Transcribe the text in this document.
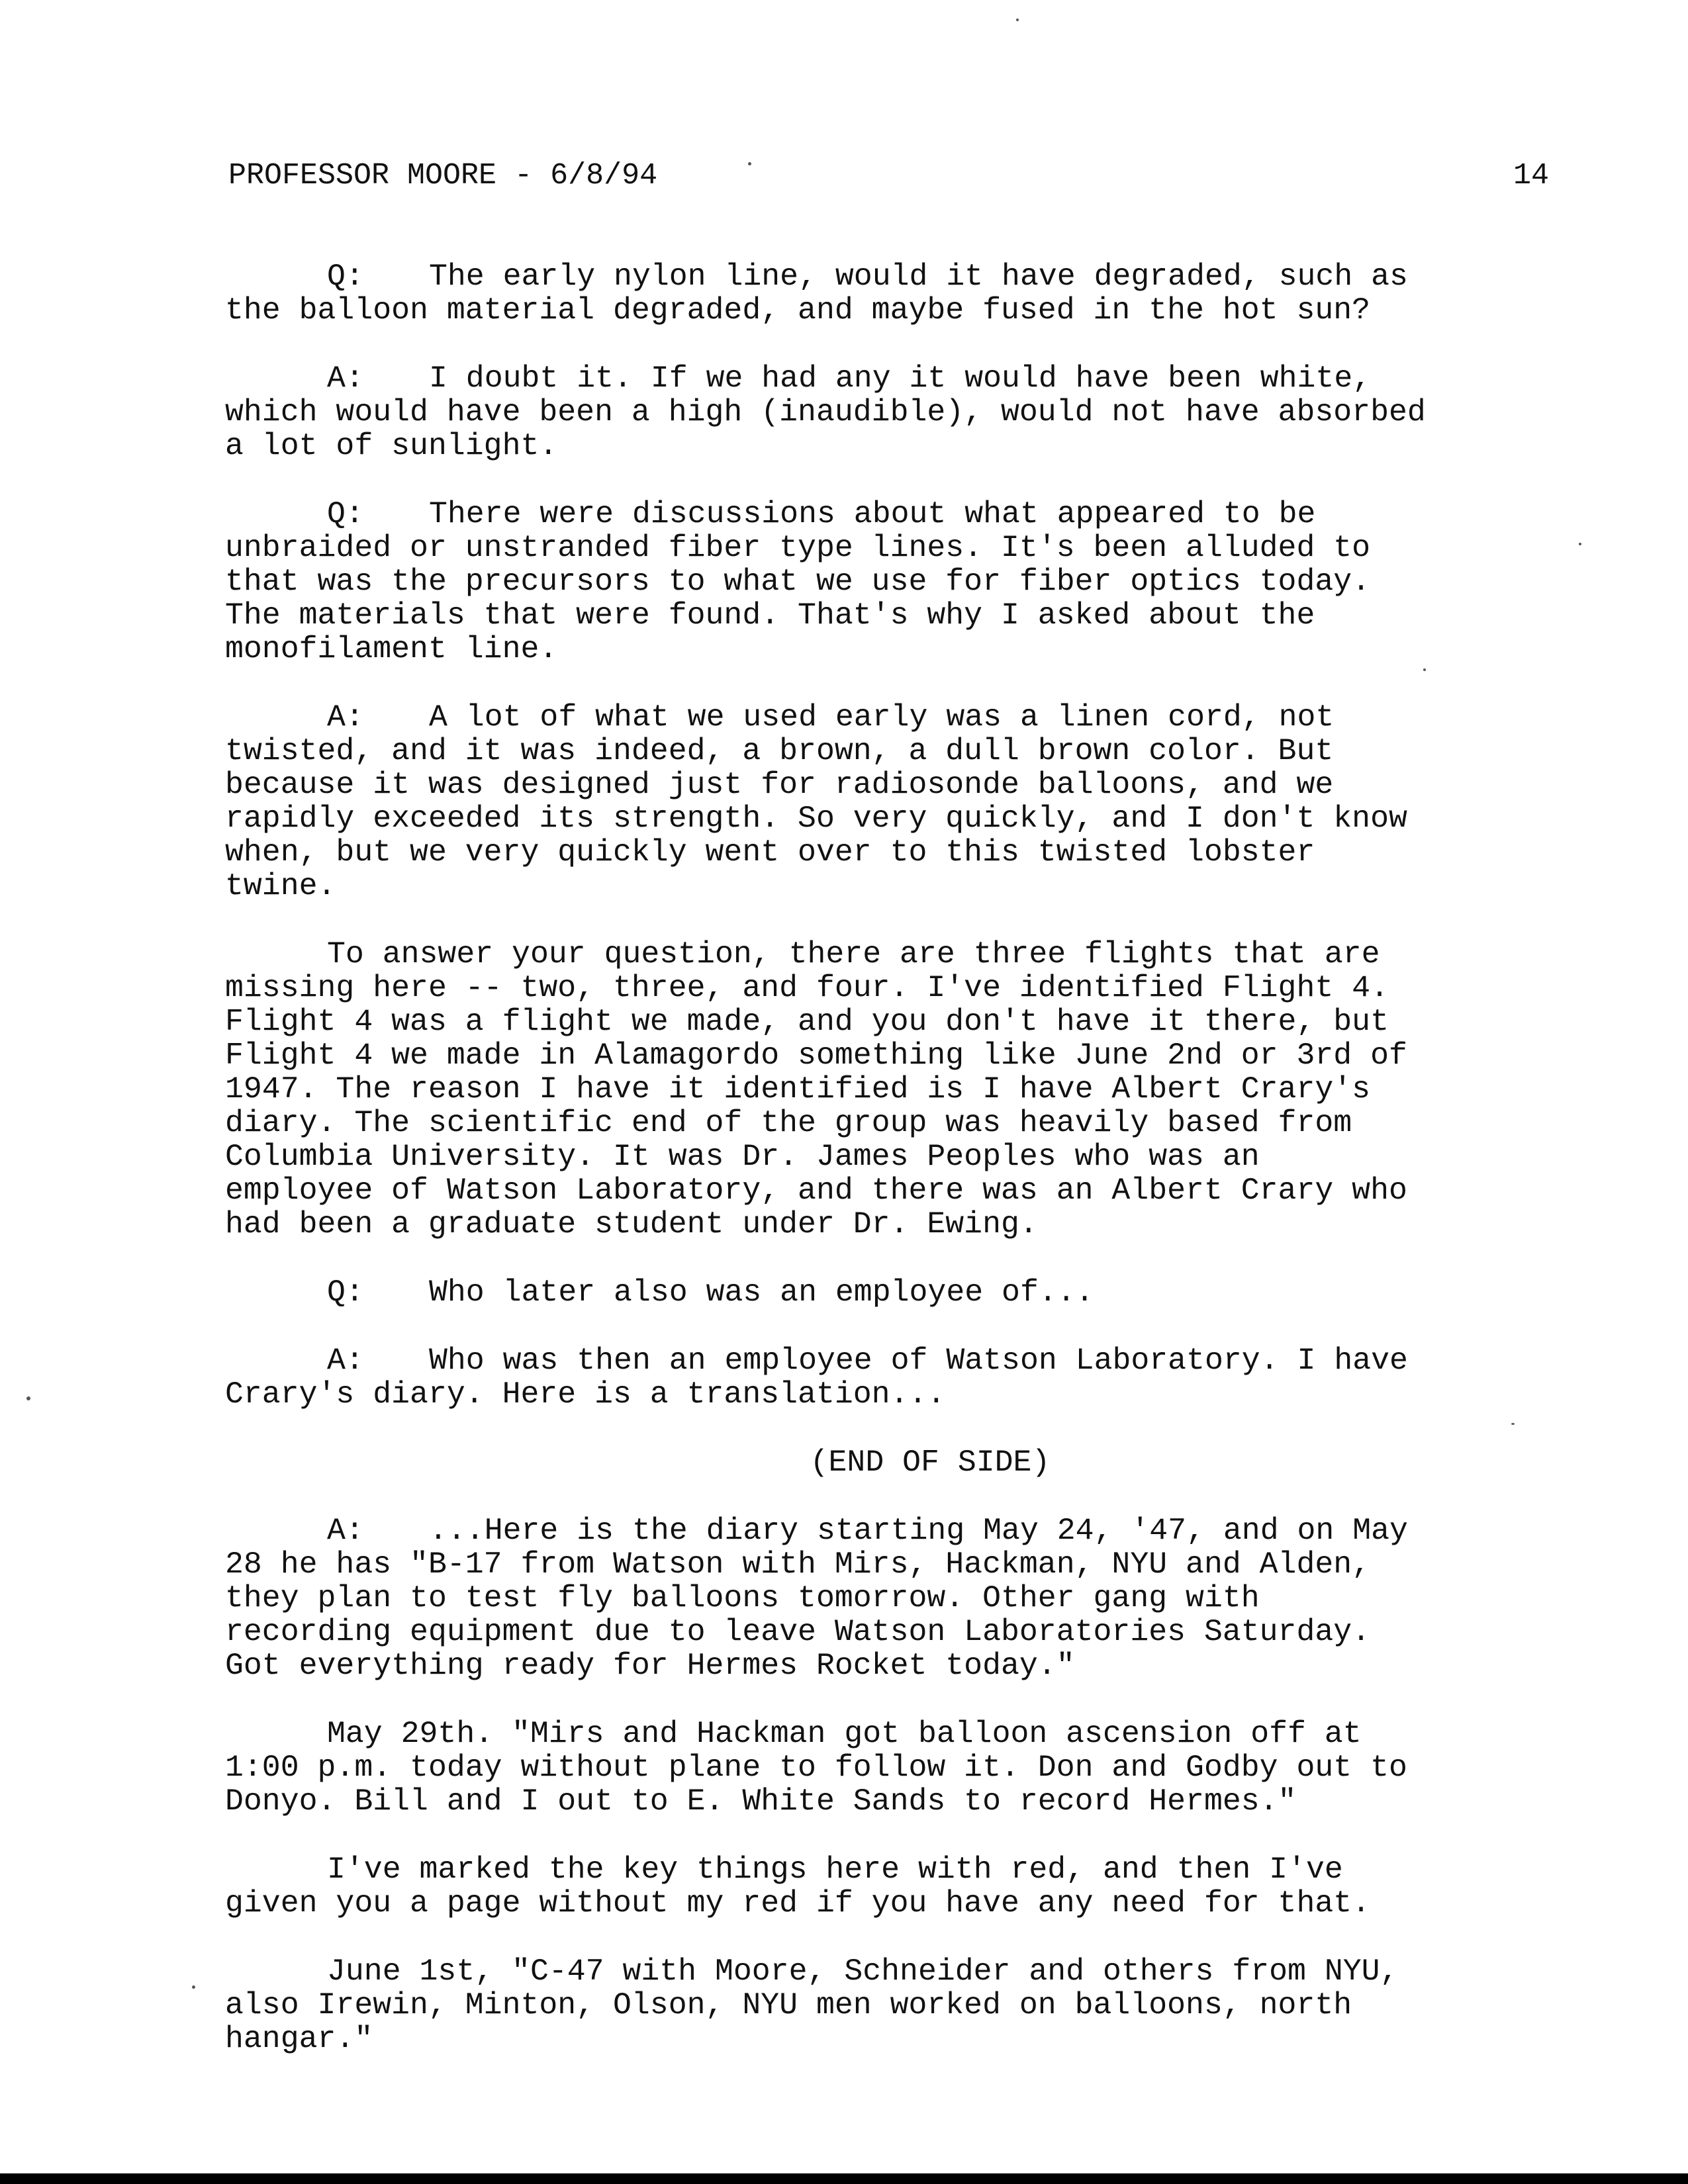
PROFESSOR MOORE - 6/8/94	14
Q: The early nylon line, would it have degraded, such as
the balloon material degraded, and maybe fused in the hot sun?
A: I doubt it. If we had any it would have been white,
which would have been a high (inaudible), would not have absorbed
a lot of sunlight.
Q: There were discussions about what appeared to be
unbraided or unstranded fiber type lines. It's been alluded to
that was the precursors to what we use for fiber optics today.
The materials that were found. That's why I asked about the
monofilament line.
A: A lot of what we used early was a linen cord, not
twisted, and it was indeed, a brown, a dull brown color. But
because it was designed just for radiosonde balloons, and we
rapidly exceeded its strength. So very quickly, and I don't know
when, but we very quickly went over to this twisted lobster
twine.
To answer your question, there are three flights that are
missing here -- two, three, and four. I've identified Flight 4.
Flight 4 was a flight we made, and you don't have it there, but
Flight 4 we made in Alamagordo something like June 2nd or 3rd of
1947. The reason I have it identified is I have Albert Crary's
diary. The scientific end of the group was heavily based from
Columbia University. It was Dr. James Peoples who was an
employee of Watson Laboratory, and there was an Albert Crary who
had been a graduate student under Dr. Ewing.
Q: Who later also was an employee of...
A: Who was then an employee of Watson Laboratory. I have
Crary's diary. Here is a translation...
(END OF SIDE)
A: ...Here is the diary starting May 24, '47, and on May
28 he has "B-17 from Watson with Mirs, Hackman, NYU and Alden,
they plan to test fly balloons tomorrow. Other gang with
recording equipment due to leave Watson Laboratories Saturday.
Got everything ready for Hermes Rocket today."
May 29th. "Mirs and Hackman got balloon ascension off at
1:00 p.m. today without plane to follow it. Don and Godby out to
Donyo. Bill and I out to E. White Sands to record Hermes."
I've marked the key things here with red, and then I've
given you a page without my red if you have any need for that.
June 1st, "C-47 with Moore, Schneider and others from NYU,
also Irewin, Minton, Olson, NYU men worked on balloons, north
hangar."
